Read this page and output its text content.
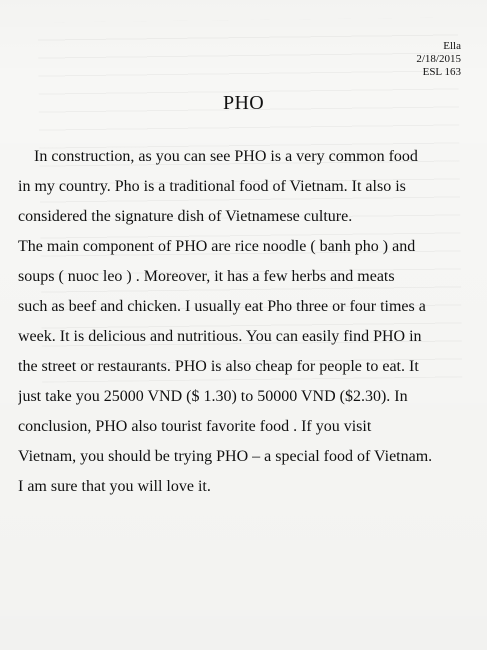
Ella
2/18/2015
ESL 163
PHO
In construction, as you can see PHO is a very common food
in my country. Pho is a traditional food of Vietnam. It also is
considered the signature dish of Vietnamese culture.
The main component of PHO are rice noodle ( banh pho ) and
soups ( nuoc leo ) . Moreover, it has a few herbs and meats
such as beef and chicken. I usually eat Pho three or four times a
week. It is delicious and nutritious. You can easily find PHO in
the street or restaurants. PHO is also cheap for people to eat. It
just take you 25000 VND ($ 1.30) to 50000 VND ($2.30). In
conclusion, PHO also tourist favorite food . If you visit
Vietnam, you should be trying PHO – a special food of Vietnam.
I am sure that you will love it.
